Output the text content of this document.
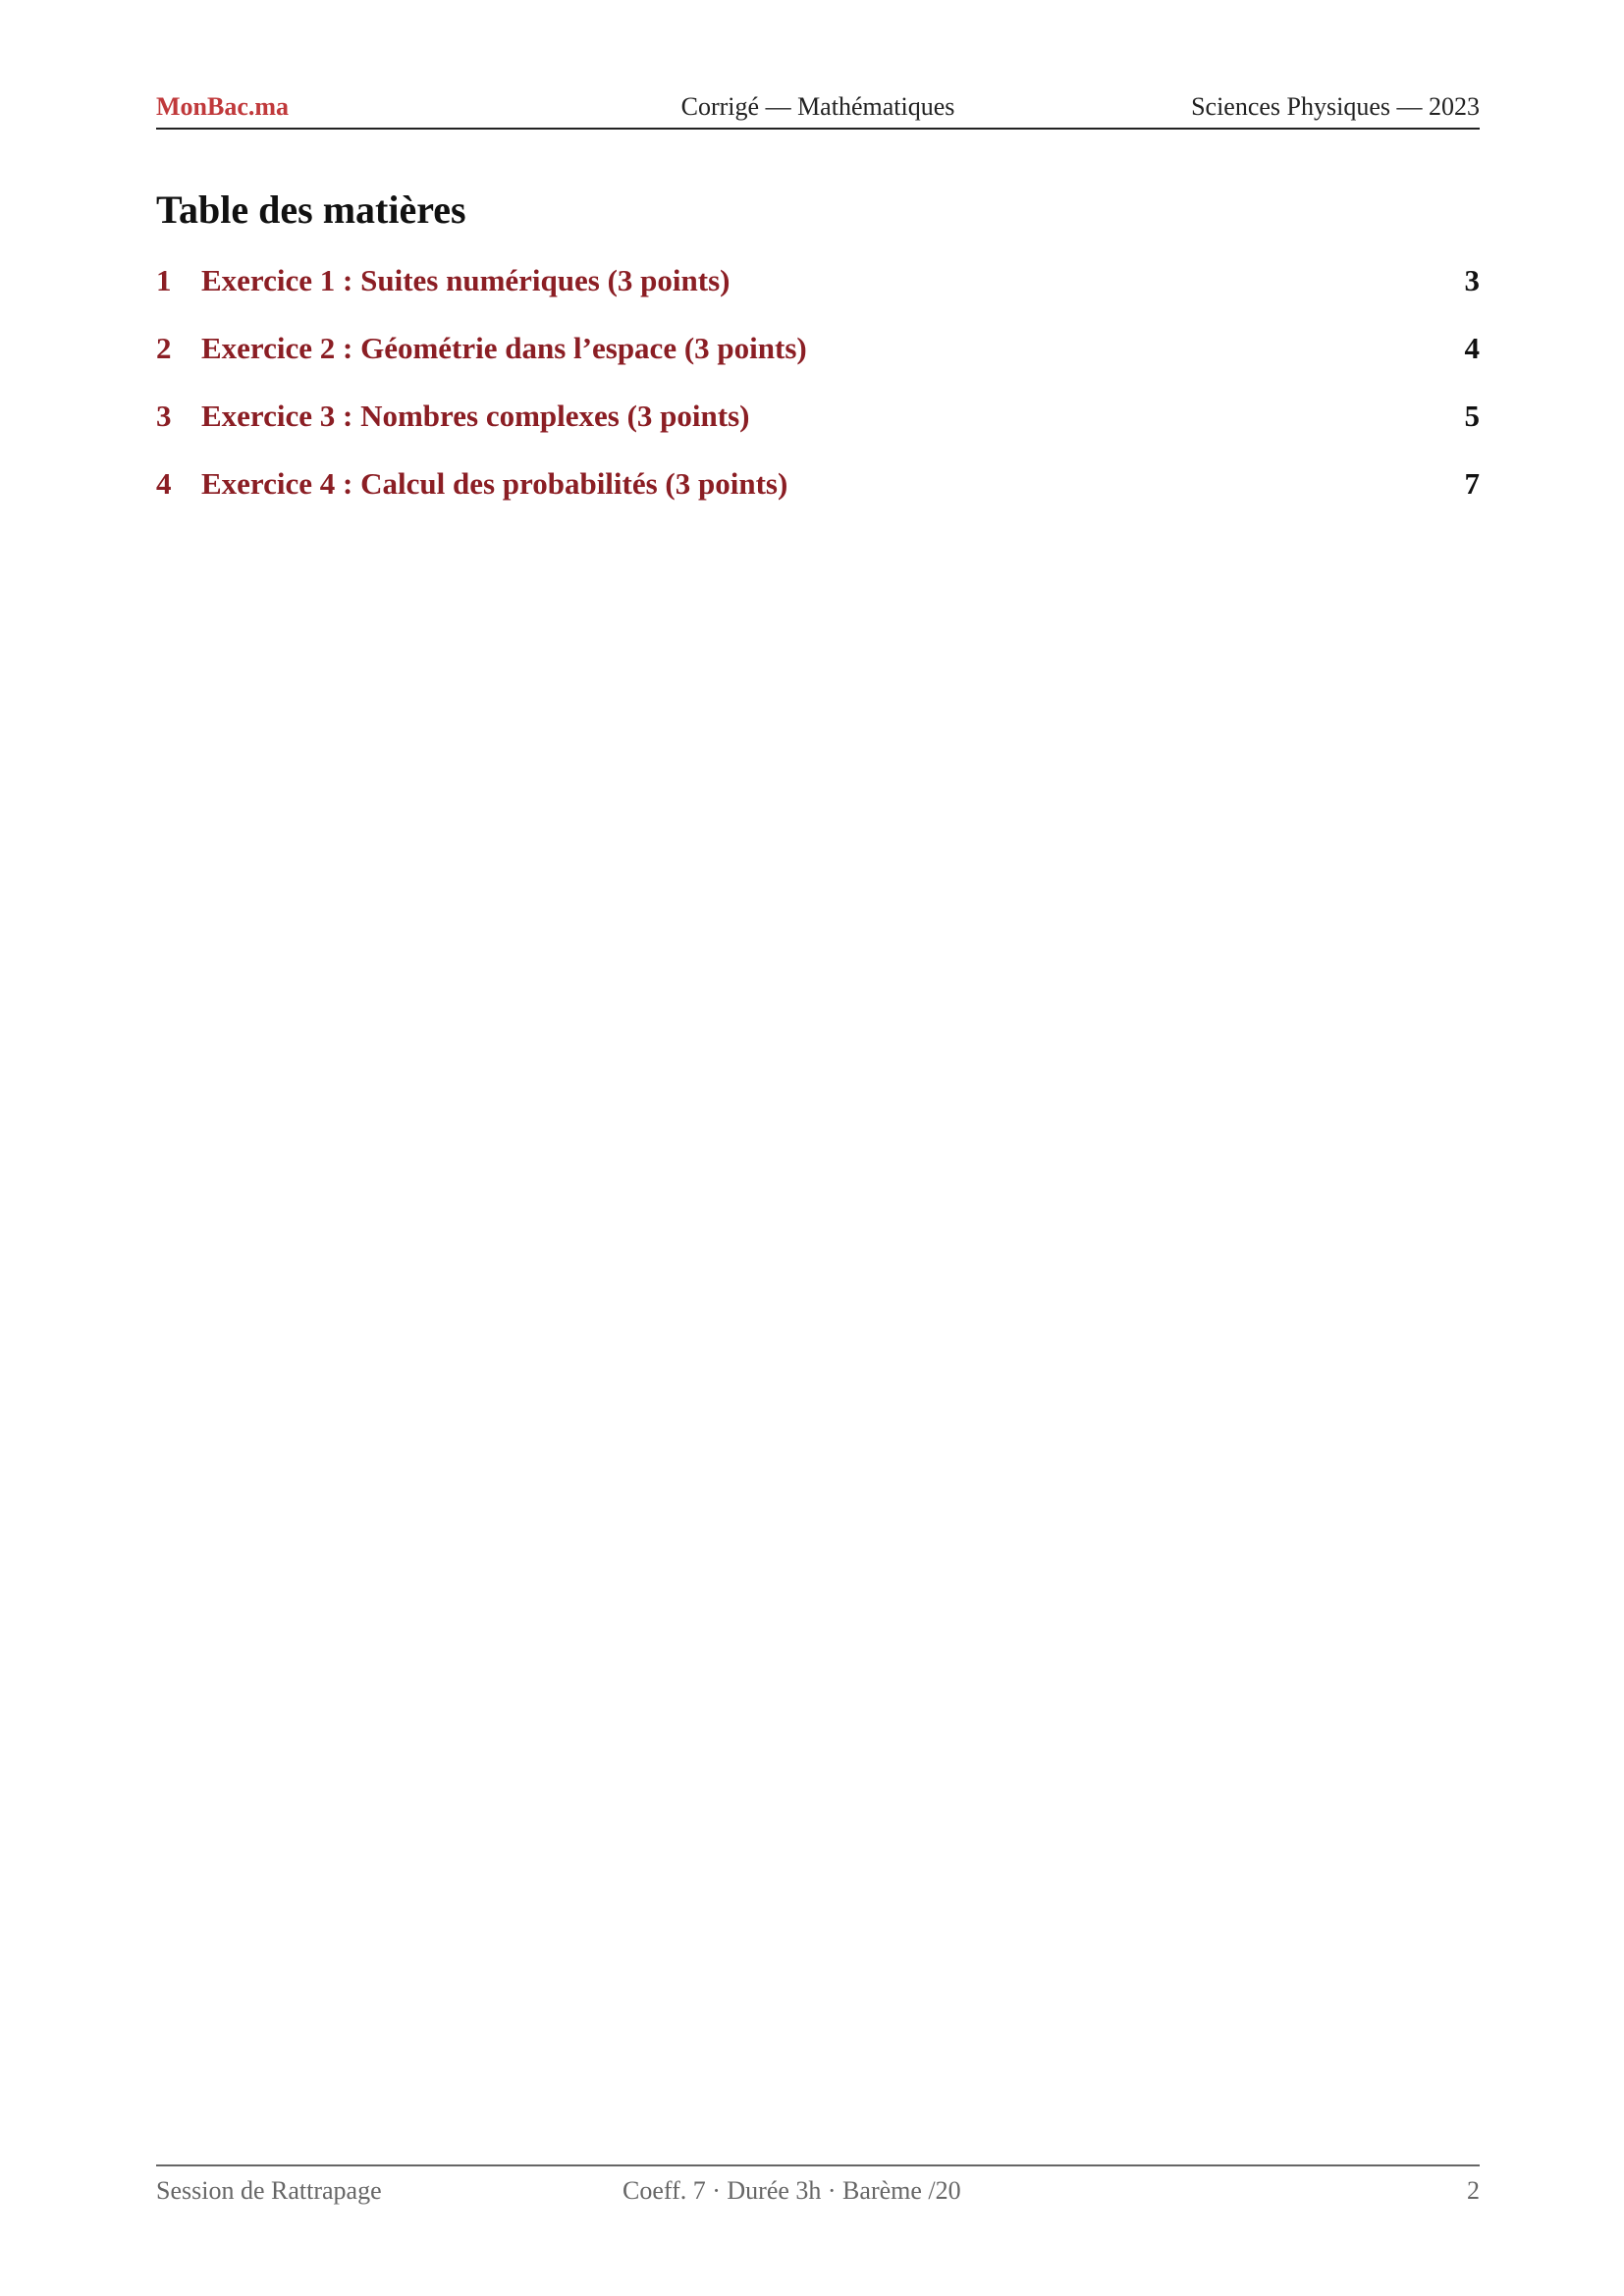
MonBac.ma	Corrigé — Mathématiques	Sciences Physiques — 2023
Table des matières
1 Exercice 1 : Suites numériques (3 points)	3
2 Exercice 2 : Géométrie dans l’espace (3 points)	4
3 Exercice 3 : Nombres complexes (3 points)	5
4 Exercice 4 : Calcul des probabilités (3 points)	7
Session de Rattrapage	Coeff. 7 · Durée 3h · Barème /20	2
